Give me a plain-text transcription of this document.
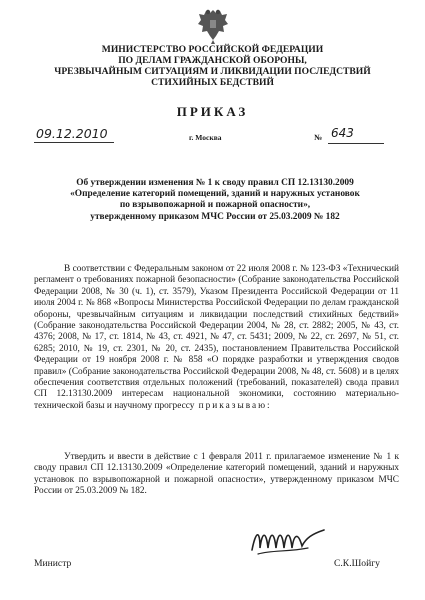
МИНИСТЕРСТВО РОССИЙСКОЙ ФЕДЕРАЦИИ
ПО ДЕЛАМ ГРАЖДАНСКОЙ ОБОРОНЫ,
ЧРЕЗВЫЧАЙНЫМ СИТУАЦИЯМ И ЛИКВИДАЦИИ ПОСЛЕДСТВИЙ
СТИХИЙНЫХ БЕДСТВИЙ
ПРИКАЗ
09.12.2010	г. Москва	№ 643
Об утверждении изменения № 1 к своду правил СП 12.13130.2009
«Определение категорий помещений, зданий и наружных установок
по взрывопожарной и пожарной опасности»,
утвержденному приказом МЧС России от 25.03.2009 № 182
В соответствии с Федеральным законом от 22 июля 2008 г. № 123-ФЗ «Технический регламент о требованиях пожарной безопасности» (Собрание законодательства Российской Федерации 2008, № 30 (ч. 1), ст. 3579), Указом Президента Российской Федерации от 11 июля 2004 г. № 868 «Вопросы Министерства Российской Федерации по делам гражданской обороны, чрезвычайным ситуациям и ликвидации последствий стихийных бедствий» (Собрание законодательства Российской Федерации 2004, № 28, ст. 2882; 2005, № 43, ст. 4376; 2008, № 17, ст. 1814, № 43, ст. 4921, № 47, ст. 5431; 2009, № 22, ст. 2697, № 51, ст. 6285; 2010, № 19, ст. 2301, № 20, ст. 2435), постановлением Правительства Российской Федерации от 19 ноября 2008 г. № 858 «О порядке разработки и утверждения сводов правил» (Собрание законодательства Российской Федерации 2008, № 48, ст. 5608) и в целях обеспечения соответствия отдельных положений (требований, показателей) свода правил СП 12.13130.2009 интересам национальной экономики, состоянию материально-технической базы и научному прогрессу приказываю:
Утвердить и ввести в действие с 1 февраля 2011 г. прилагаемое изменение № 1 к своду правил СП 12.13130.2009 «Определение категорий помещений, зданий и наружных установок по взрывопожарной и пожарной опасности», утвержденному приказом МЧС России от 25.03.2009 № 182.
Министр	С.К.Шойгу
